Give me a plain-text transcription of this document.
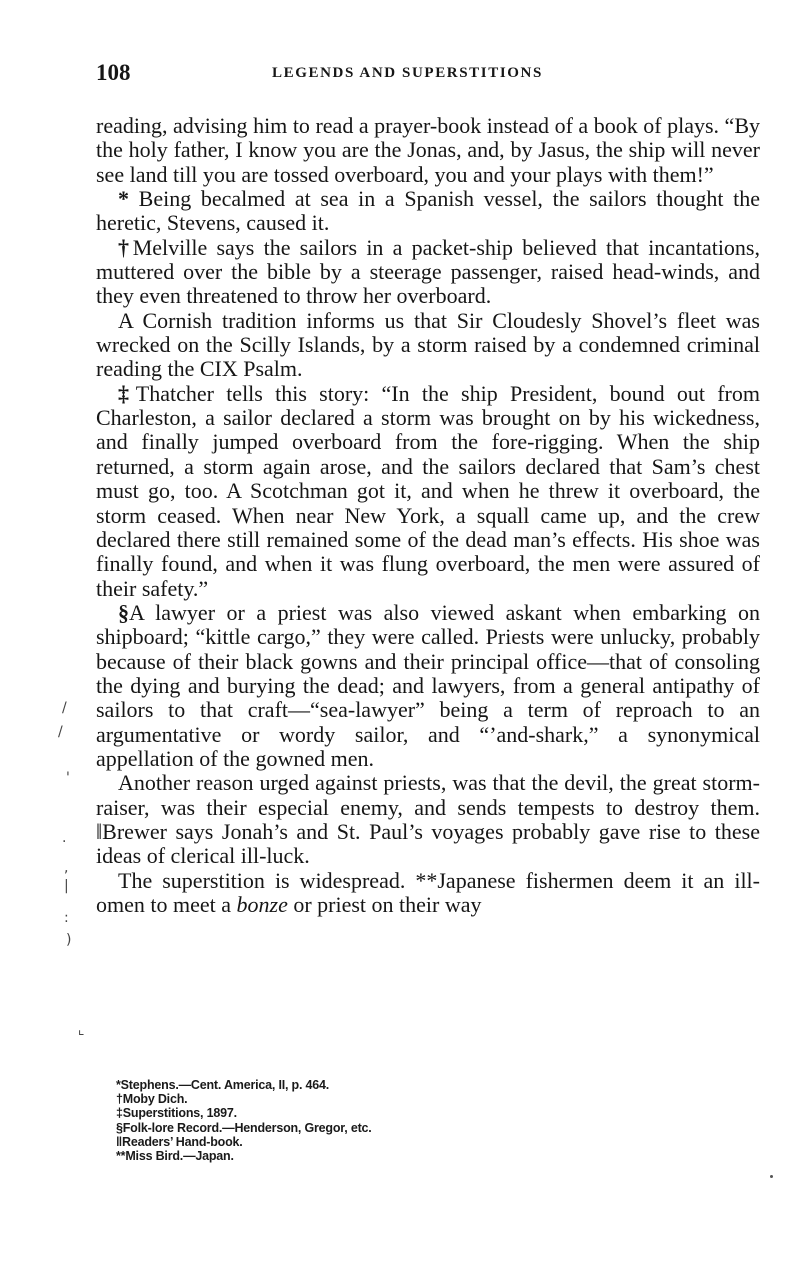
108	LEGENDS AND SUPERSTITIONS

reading, advising him to read a prayer-book instead of a book of plays. “By the holy father, I know you are the Jonas, and, by Jasus, the ship will never see land till you are tossed overboard, you and your plays with them!”

* Being becalmed at sea in a Spanish vessel, the sailors thought the heretic, Stevens, caused it.

†Melville says the sailors in a packet-ship believed that incantations, muttered over the bible by a steerage passenger, raised head-winds, and they even threatened to throw her overboard.

A Cornish tradition informs us that Sir Cloudesly Shovel’s fleet was wrecked on the Scilly Islands, by a storm raised by a condemned criminal reading the CIX Psalm.

‡Thatcher tells this story: “In the ship President, bound out from Charleston, a sailor declared a storm was brought on by his wickedness, and finally jumped overboard from the fore-rigging. When the ship returned, a storm again arose, and the sailors declared that Sam’s chest must go, too. A Scotchman got it, and when he threw it overboard, the storm ceased. When near New York, a squall came up, and the crew declared there still remained some of the dead man’s effects. His shoe was finally found, and when it was flung overboard, the men were assured of their safety.”

§A lawyer or a priest was also viewed askant when embarking on shipboard; “kittle cargo,” they were called. Priests were unlucky, probably because of their black gowns and their principal office—that of consoling the dying and burying the dead; and lawyers, from a general antipathy of sailors to that craft—“sea-lawyer” being a term of reproach to an argumentative or wordy sailor, and “’and-shark,” a synonymical appellation of the gowned men.

Another reason urged against priests, was that the devil, the great storm-raiser, was their especial enemy, and sends tempests to destroy them. ‖Brewer says Jonah’s and St. Paul’s voyages probably gave rise to these ideas of clerical ill-luck.

The superstition is widespread. **Japanese fishermen deem it an ill-omen to meet a bonze or priest on their way

/
/
'
.
,
|
:
)
⌞
*Stephens.—Cent. America, II, p. 464.
†Moby Dich.
‡Superstitions, 1897.
§Folk-lore Record.—Henderson, Gregor, etc.
‖Readers’ Hand-book.
**Miss Bird.—Japan.
